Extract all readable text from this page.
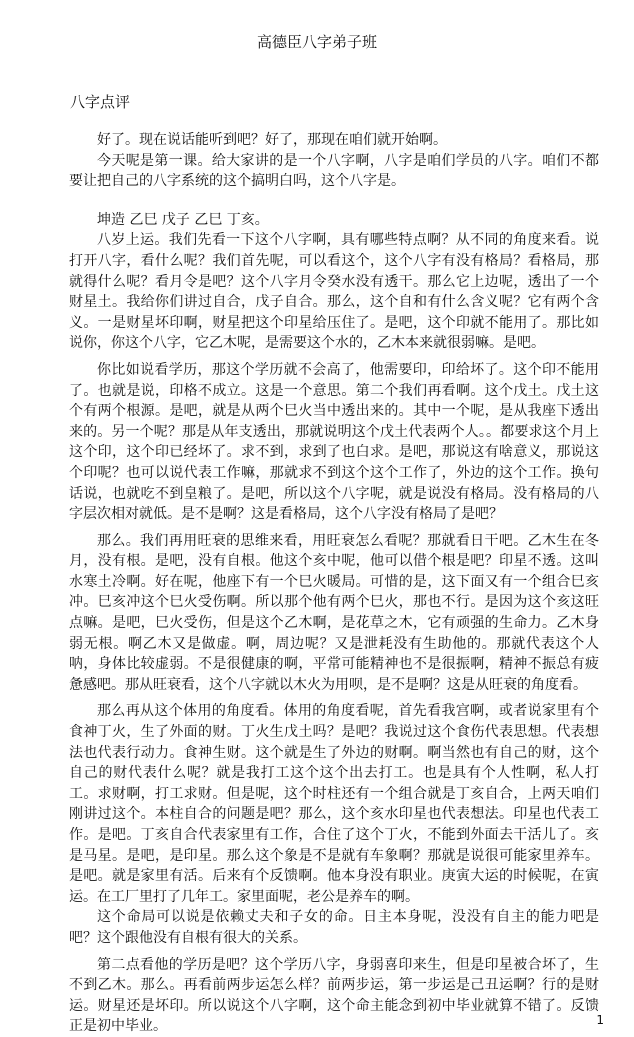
高德臣八字弟子班
八字点评

好了。现在说话能听到吧？好了，那现在咱们就开始啊。

今天呢是第一课。给大家讲的是一个八字啊，八字是咱们学员的八字。咱们不都要让把自己的八字系统的这个搞明白吗，这个八字是。

坤造 乙巳 戊子 乙巳 丁亥。

八岁上运。我们先看一下这个八字啊，具有哪些特点啊？从不同的角度来看。说打开八字，看什么呢？我们首先呢，可以看这个，这个八字有没有格局？看格局，那就得什么呢？看月令是吧？这个八字月令癸水没有透干。那么它上边呢，透出了一个财星土。我给你们讲过自合，戊子自合。那么，这个自和有什么含义呢？它有两个含义。一是财星坏印啊，财星把这个印星给压住了。是吧，这个印就不能用了。那比如说你，你这个八字，它乙木呢，是需要这个水的，乙木本来就很弱嘛。是吧。

你比如说看学历，那这个学历就不会高了，他需要印，印给坏了。这个印不能用了。也就是说，印格不成立。这是一个意思。第二个我们再看啊。这个戊土。戊土这个有两个根源。是吧，就是从两个巳火当中透出来的。其中一个呢，是从我座下透出来的。另一个呢？那是从年支透出，那就说明这个戊土代表两个人。。都要求这个月上这个印，这个印已经坏了。求不到，求到了也白求。是吧，那说这有啥意义，那说这个印呢？也可以说代表工作嘛，那就求不到这个这个工作了，外边的这个工作。换句话说，也就吃不到皇粮了。是吧，所以这个八字呢，就是说没有格局。没有格局的八字层次相对就低。是不是啊？这是看格局，这个八字没有格局了是吧？

那么。我们再用旺衰的思维来看，用旺衰怎么看呢？那就看日干吧。乙木生在冬月，没有根。是吧，没有自根。他这个亥中呢，他可以借个根是吧？印星不透。这叫水寒土冷啊。好在呢，他座下有一个巳火暖局。可惜的是，这下面又有一个组合巳亥冲。巳亥冲这个巳火受伤啊。所以那个他有两个巳火，那也不行。是因为这个亥这旺点嘛。是吧，巳火受伤，但是这个乙木啊，是花草之木，它有顽强的生命力。乙木身弱无根。啊乙木又是做虚。啊，周边呢？又是泄耗没有生助他的。那就代表这个人呐，身体比较虚弱。不是很健康的啊，平常可能精神也不是很振啊，精神不振总有疲惫感吧。那从旺衰看，这个八字就以木火为用呗，是不是啊？这是从旺衰的角度看。

那么再从这个体用的角度看。体用的角度看呢，首先看我宫啊，或者说家里有个食神丁火，生了外面的财。丁火生戊土吗？是吧？我说过这个食伤代表思想。代表想法也代表行动力。食神生财。这个就是生了外边的财啊。啊当然也有自己的财，这个自己的财代表什么呢？就是我打工这个这个出去打工。也是具有个人性啊，私人打工。求财啊，打工求财。但是呢，这个时柱还有一个组合就是丁亥自合，上两天咱们刚讲过这个。本柱自合的问题是吧？那么，这个亥水印星也代表想法。印星也代表工作。是吧。丁亥自合代表家里有工作，合住了这个丁火，不能到外面去干活儿了。亥是马星。是吧，是印星。那么这个象是不是就有车象啊？那就是说很可能家里养车。是吧。就是家里有活。后来有个反馈啊。他本身没有职业。庚寅大运的时候呢，在寅运。在工厂里打了几年工。家里面呢，老公是养车的啊。

这个命局可以说是依赖丈夫和子女的命。日主本身呢，没没有自主的能力吧是吧？这个跟他没有自根有很大的关系。

第二点看他的学历是吧？这个学历八字，身弱喜印来生，但是印星被合坏了，生不到乙木。那么。再看前两步运怎么样？前两步运，第一步运是己丑运啊？行的是财运。财星还是坏印。所以说这个八字啊，这个命主能念到初中毕业就算不错了。反馈正是初中毕业。	1
